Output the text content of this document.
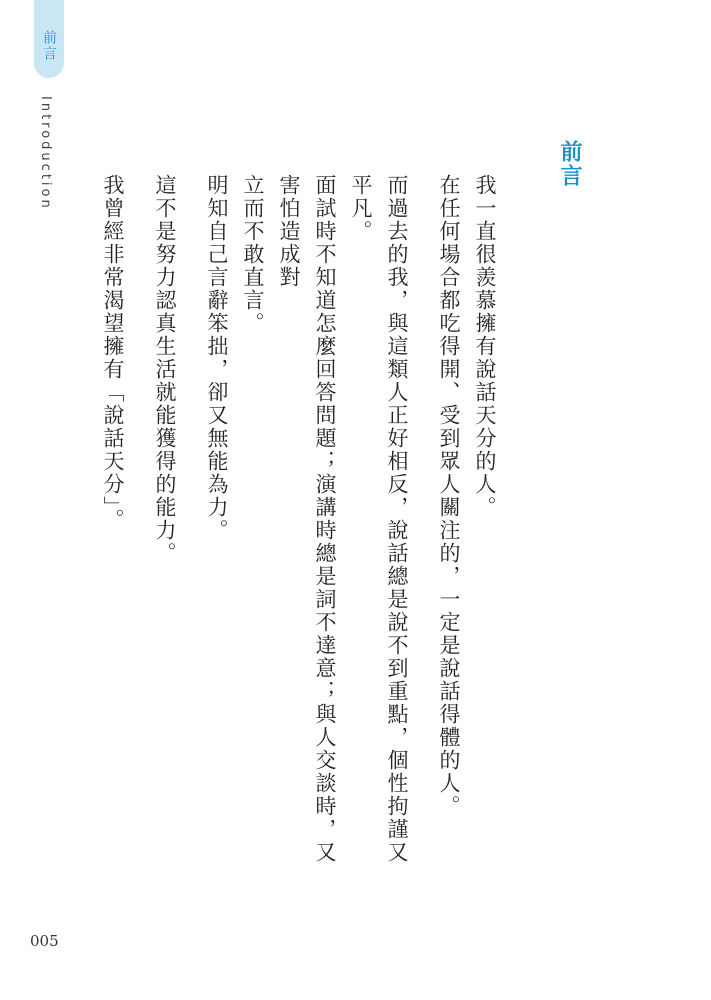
前言
Introduction	前言

我一直很羨慕擁有說話天分的人。

在任何場合都吃得開、受到眾人關注的，一定是說話得體的人。

而過去的我，與這類人正好相反，說話總是說不到重點，個性拘謹又平凡。

面試時不知道怎麼回答問題；演講時總是詞不達意；與人交談時，又害怕造成對

立而不敢直言。

明知自己言辭笨拙，卻又無能為力。

這不是努力認真生活就能獲得的能力。

我曾經非常渴望擁有「說話天分」。

005
